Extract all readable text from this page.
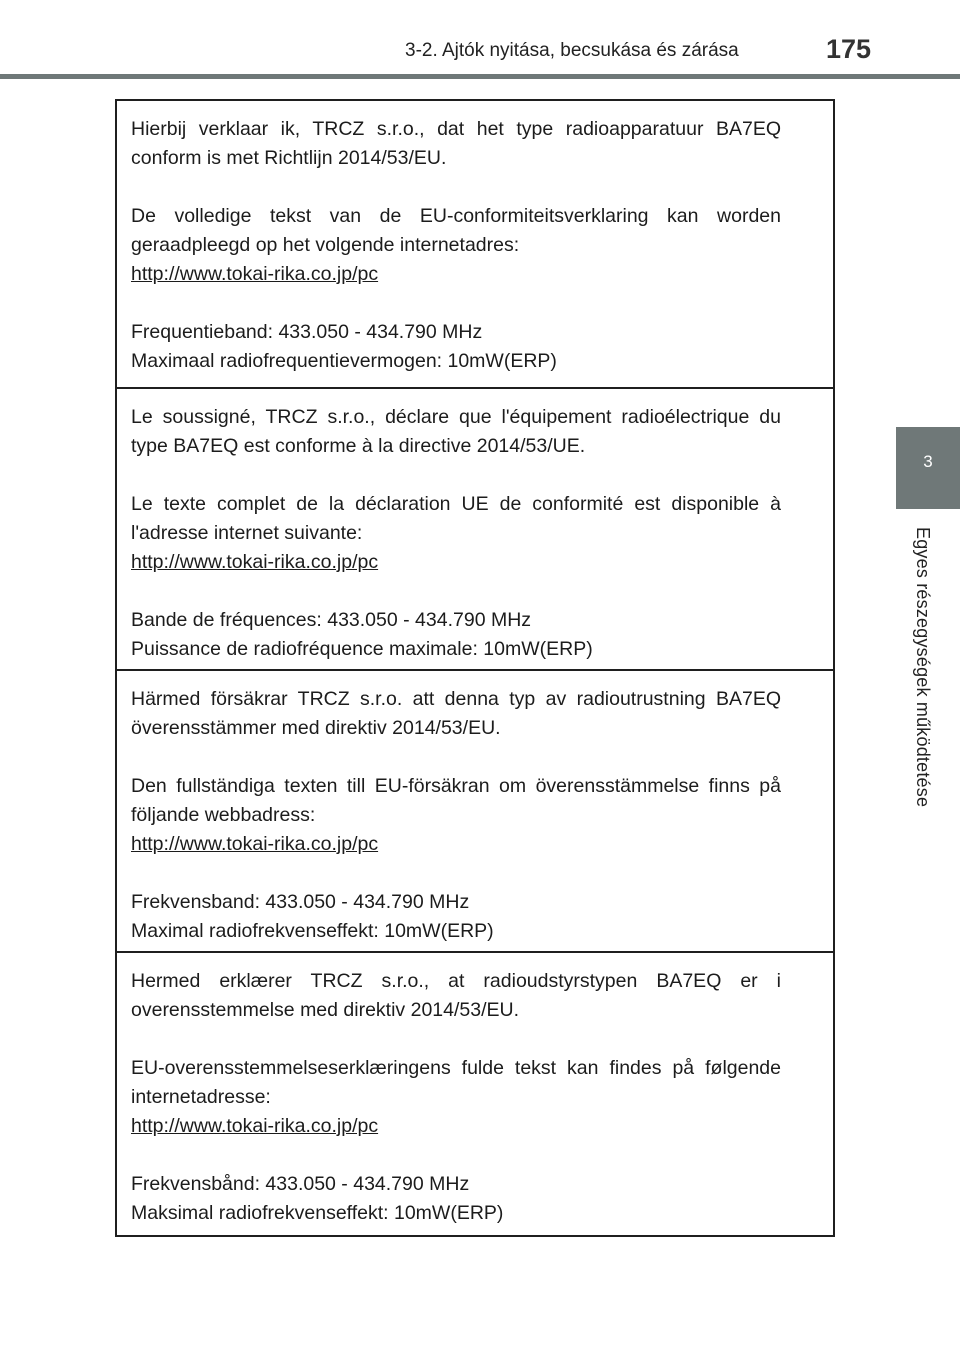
3-2. Ajtók nyitása, becsukása és zárása	175
3
Egyes részegységek működtetése

Hierbij verklaar ik, TRCZ s.r.o., dat het type radioapparatuur BA7EQ conform is met Richtlijn 2014/53/EU.

De volledige tekst van de EU-conformiteitsverklaring kan worden geraadpleegd op het volgende internetadres:

http://www.tokai-rika.co.jp/pc

Frequentieband: 433.050 - 434.790 MHz

Maximaal radiofrequentievermogen: 10mW(ERP)

Le soussigné, TRCZ s.r.o., déclare que l'équipement radioélectrique du type BA7EQ est conforme à la directive 2014/53/UE.

Le texte complet de la déclaration UE de conformité est disponible à l'adresse internet suivante:

http://www.tokai-rika.co.jp/pc

Bande de fréquences: 433.050 - 434.790 MHz

Puissance de radiofréquence maximale: 10mW(ERP)

Härmed försäkrar TRCZ s.r.o. att denna typ av radioutrustning BA7EQ överensstämmer med direktiv 2014/53/EU.

Den fullständiga texten till EU-försäkran om överensstämmelse finns på följande webbadress:

http://www.tokai-rika.co.jp/pc

Frekvensband: 433.050 - 434.790 MHz

Maximal radiofrekvenseffekt: 10mW(ERP)

Hermed erklærer TRCZ s.r.o., at radioudstyrstypen BA7EQ er i overensstemmelse med direktiv 2014/53/EU.

EU-overensstemmelseserklæringens fulde tekst kan findes på følgende internetadresse:

http://www.tokai-rika.co.jp/pc

Frekvensbånd: 433.050 - 434.790 MHz

Maksimal radiofrekvenseffekt: 10mW(ERP)
